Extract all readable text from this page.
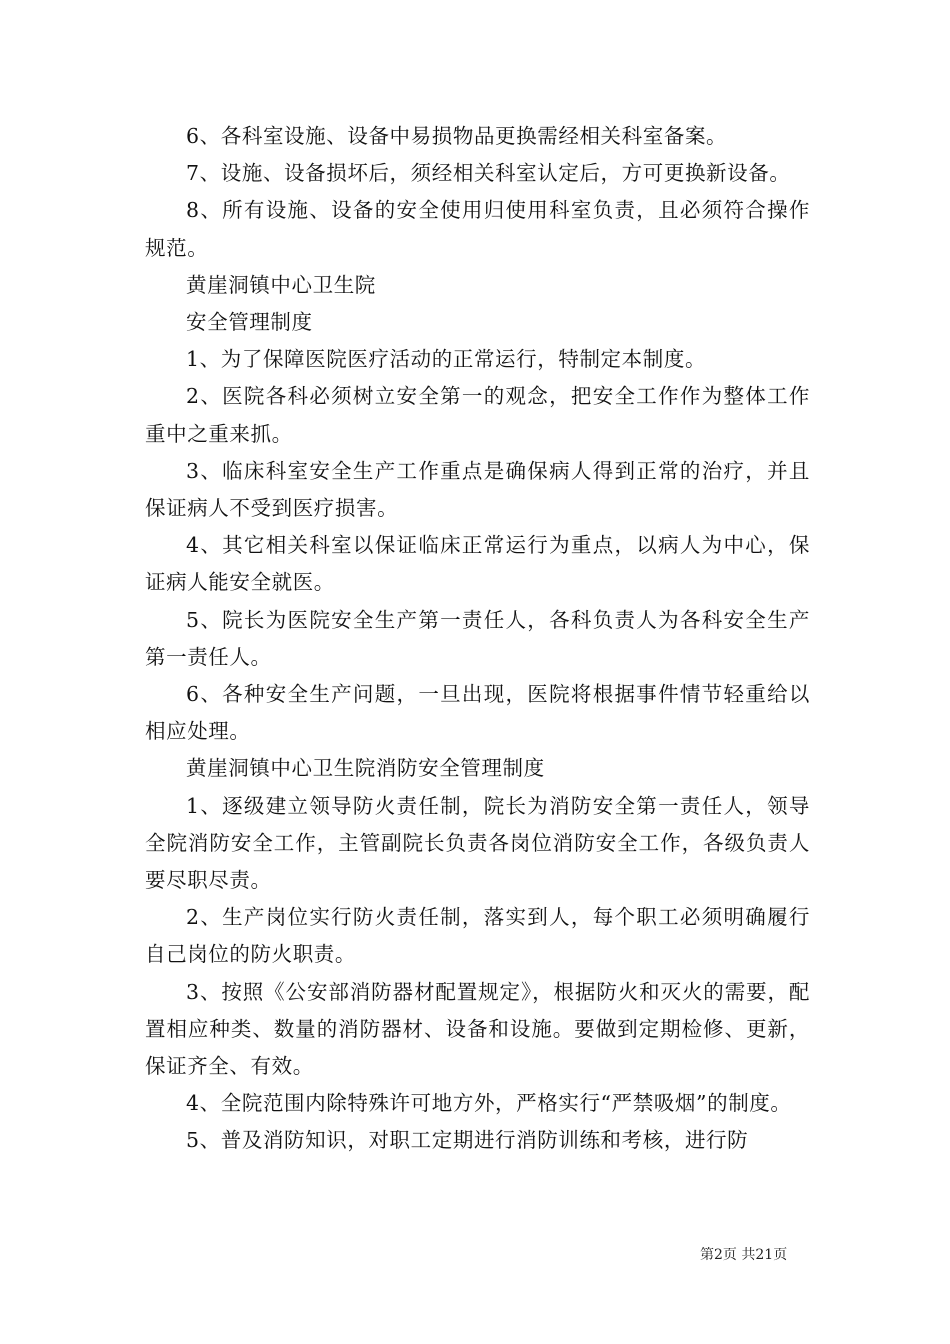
6、各科室设施、设备中易损物品更换需经相关科室备案。

7、设施、设备损坏后，须经相关科室认定后，方可更换新设备。

8、所有设施、设备的安全使用归使用科室负责，且必须符合操作规范。

黄崖洞镇中心卫生院

安全管理制度

1、为了保障医院医疗活动的正常运行，特制定本制度。

2、医院各科必须树立安全第一的观念，把安全工作作为整体工作重中之重来抓。

3、临床科室安全生产工作重点是确保病人得到正常的治疗，并且保证病人不受到医疗损害。

4、其它相关科室以保证临床正常运行为重点，以病人为中心，保证病人能安全就医。

5、院长为医院安全生产第一责任人，各科负责人为各科安全生产第一责任人。

6、各种安全生产问题，一旦出现，医院将根据事件情节轻重给以相应处理。

黄崖洞镇中心卫生院消防安全管理制度

1、逐级建立领导防火责任制，院长为消防安全第一责任人，领导全院消防安全工作，主管副院长负责各岗位消防安全工作，各级负责人要尽职尽责。

2、生产岗位实行防火责任制，落实到人，每个职工必须明确履行自己岗位的防火职责。

3、按照《公安部消防器材配置规定》，根据防火和灭火的需要，配置相应种类、数量的消防器材、设备和设施。要做到定期检修、更新，保证齐全、有效。

4、全院范围内除特殊许可地方外，严格实行“严禁吸烟”的制度。

5、普及消防知识，对职工定期进行消防训练和考核，进行防

第2页 共21页
